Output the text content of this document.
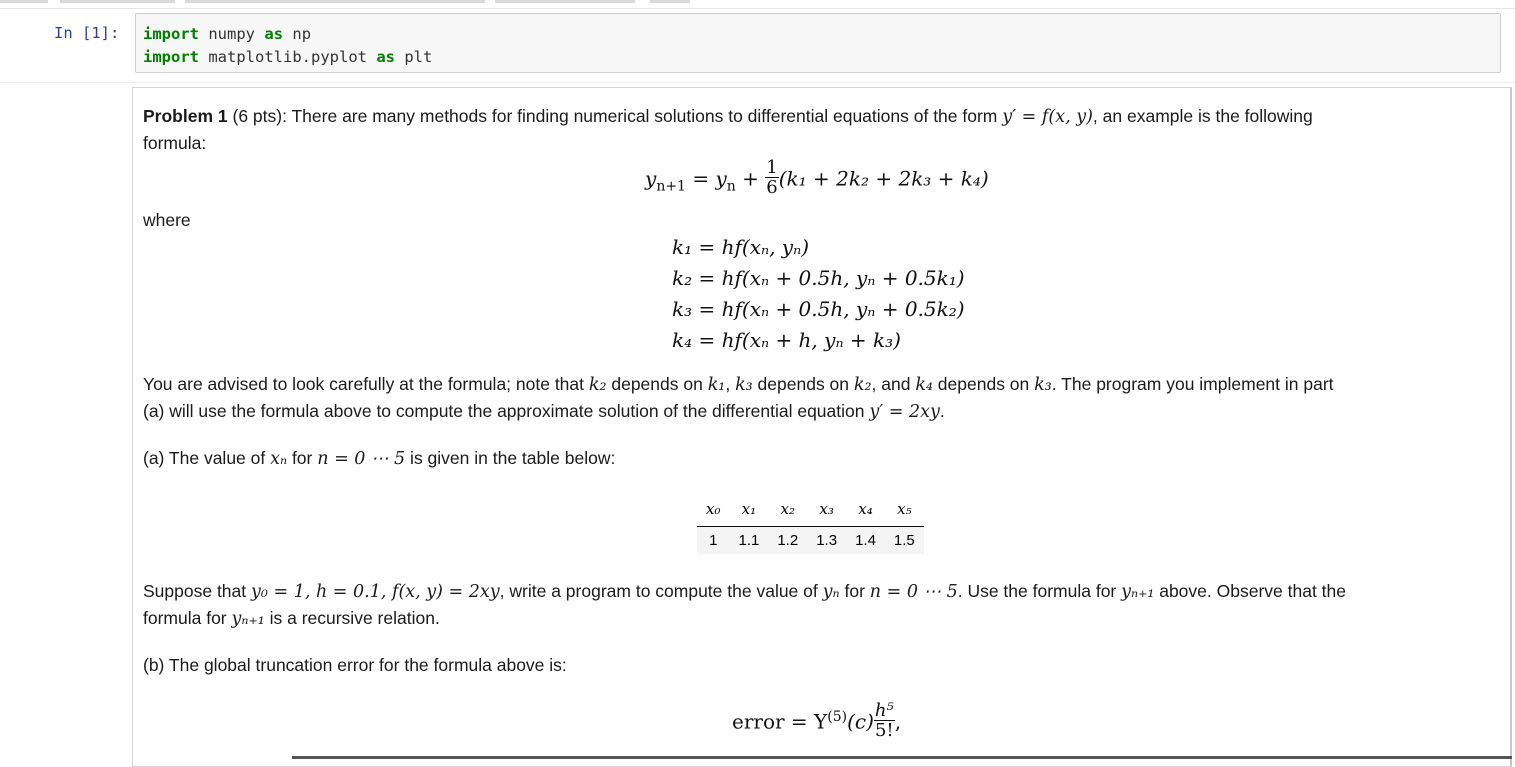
In [1]: import numpy as np
import matplotlib.pyplot as plt
Problem 1 (6 pts): There are many methods for finding numerical solutions to differential equations of the form y′ = f(x, y), an example is the following
formula:
$y_{n+1} = y_n + \frac{1}{6} (k_1 + 2k_2 + 2k_3 + k_4)$
where
k₁ = hf(xₙ, yₙ)
k₂ = hf(xₙ + 0.5h, yₙ + 0.5k₁)
k₃ = hf(xₙ + 0.5h, yₙ + 0.5k₂)
k₄ = hf(xₙ + h, yₙ + k₃)
You are advised to look carefully at the formula; note that k₂ depends on k₁, k₃ depends on k₂, and k₄ depends on k₃. The program you implement in part
(a) will use the formula above to compute the approximate solution of the differential equation y′ = 2xy.
(a) The value of xₙ for n = 0 ⋯ 5 is given in the table below:
x₀	x₁	x₂	x₃	x₄	x₅
1	1.1	1.2	1.3	1.4	1.5
Suppose that y₀ = 1, h = 0.1, f(x, y) = 2xy, write a program to compute the value of yₙ for n = 0 ⋯ 5. Use the formula for yₙ₊₁ above. Observe that the
formula for yₙ₊₁ is a recursive relation.
(b) The global truncation error for the formula above is:
error = $Y^{(5)}(c) \frac{\text{h⁵}}{5!}$ ,
